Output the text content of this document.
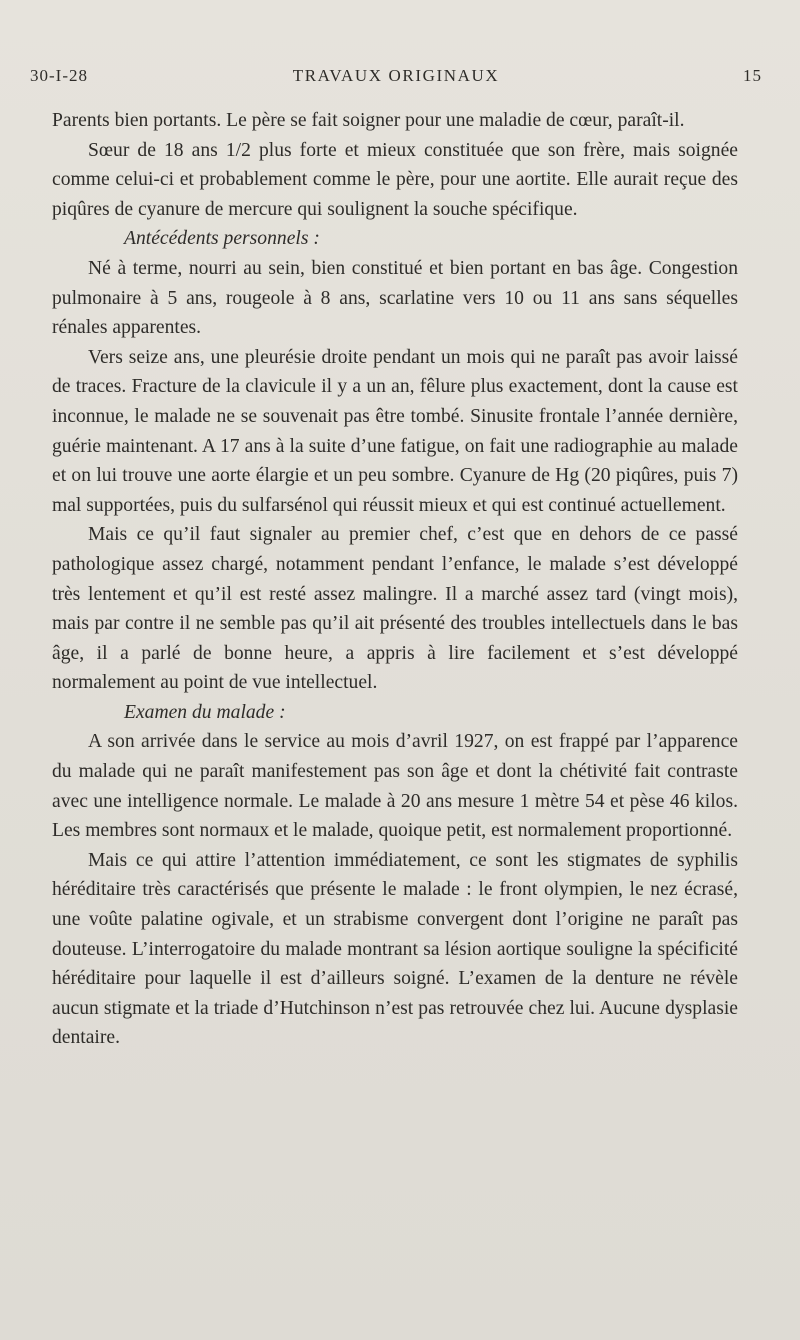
30-I-28	TRAVAUX ORIGINAUX	15

Parents bien portants. Le père se fait soigner pour une maladie de cœur, paraît-il.

Sœur de 18 ans 1/2 plus forte et mieux constituée que son frère, mais soignée comme celui-ci et probablement comme le père, pour une aortite. Elle aurait reçue des piqûres de cyanure de mercure qui soulignent la souche spécifique.

Antécédents personnels :

Né à terme, nourri au sein, bien constitué et bien portant en bas âge. Congestion pulmonaire à 5 ans, rougeole à 8 ans, scarlatine vers 10 ou 11 ans sans séquelles rénales apparentes.

Vers seize ans, une pleurésie droite pendant un mois qui ne paraît pas avoir laissé de traces. Fracture de la clavicule il y a un an, fêlure plus exactement, dont la cause est inconnue, le malade ne se souvenait pas être tombé. Sinusite frontale l’année dernière, guérie maintenant. A 17 ans à la suite d’une fatigue, on fait une radiographie au malade et on lui trouve une aorte élargie et un peu sombre. Cyanure de Hg (20 piqûres, puis 7) mal supportées, puis du sulfarsénol qui réussit mieux et qui est continué actuellement.

Mais ce qu’il faut signaler au premier chef, c’est que en dehors de ce passé pathologique assez chargé, notamment pendant l’enfance, le malade s’est développé très lentement et qu’il est resté assez malingre. Il a marché assez tard (vingt mois), mais par contre il ne semble pas qu’il ait présenté des troubles intellectuels dans le bas âge, il a parlé de bonne heure, a appris à lire facilement et s’est développé normalement au point de vue intellectuel.

Examen du malade :

A son arrivée dans le service au mois d’avril 1927, on est frappé par l’apparence du malade qui ne paraît manifestement pas son âge et dont la chétivité fait contraste avec une intelligence normale. Le malade à 20 ans mesure 1 mètre 54 et pèse 46 kilos. Les membres sont normaux et le malade, quoique petit, est normalement proportionné.

Mais ce qui attire l’attention immédiatement, ce sont les stigmates de syphilis héréditaire très caractérisés que présente le malade : le front olympien, le nez écrasé, une voûte palatine ogivale, et un strabisme convergent dont l’origine ne paraît pas douteuse. L’interrogatoire du malade montrant sa lésion aortique souligne la spécificité héréditaire pour laquelle il est d’ailleurs soigné. L’examen de la denture ne révèle aucun stigmate et la triade d’Hutchinson n’est pas retrouvée chez lui. Aucune dysplasie dentaire.
